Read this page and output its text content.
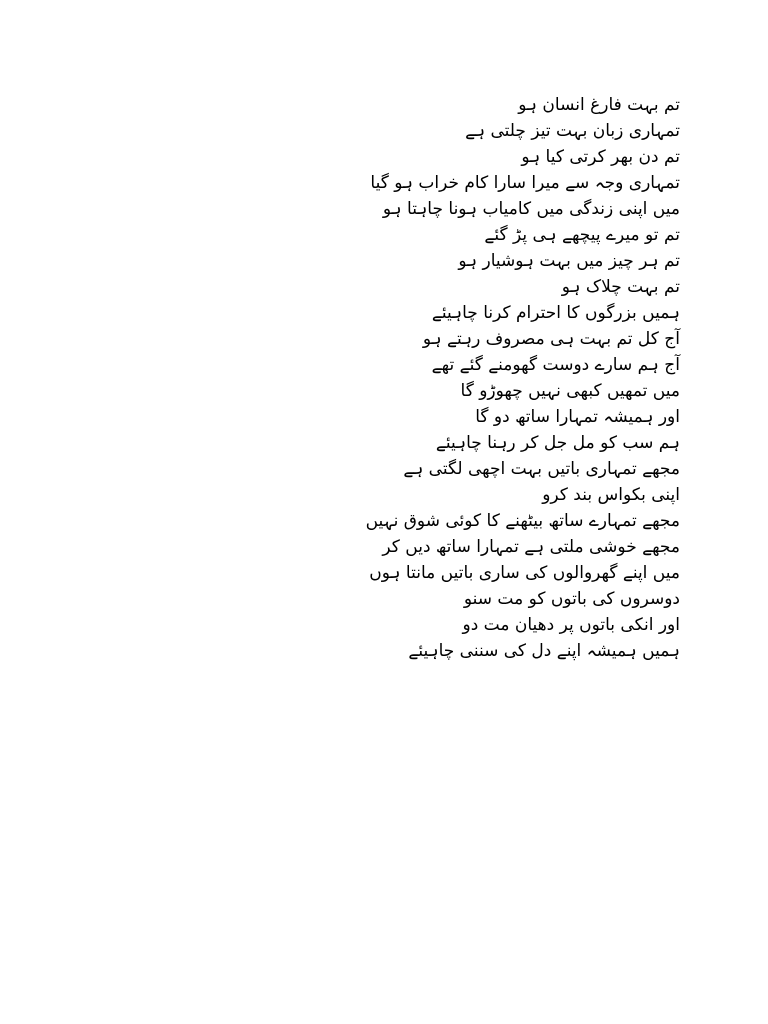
تم بہت فارغ انسان ہو
تمہاری زبان بہت تیز چلتی ہے
تم دن بھر کرتی کیا ہو
تمہاری وجہ سے میرا سارا کام خراب ہو گیا
میں اپنی زندگی میں کامیاب ہونا چاہتا ہو
تم تو میرے پیچھے ہی پڑ گئے
تم ہر چیز میں بہت ہوشیار ہو
تم بہت چلاک ہو
ہمیں بزرگوں کا احترام کرنا چاہیئے
آج کل تم بہت ہی مصروف رہتے ہو
آج ہم سارے دوست گھومنے گئے تھے
میں تمھیں کبھی نہیں چھوڑو گا
اور ہمیشہ تمہارا ساتھ دو گا
ہم سب کو مل جل کر رہنا چاہیئے
مجھے تمہاری باتیں بہت اچھی لگتی ہے
اپنی بکواس بند کرو
مجھے تمہارے ساتھ بیٹھنے کا کوئی شوق نہیں
مجھے خوشی ملتی ہے تمہارا ساتھ دیں کر
میں اپنے گھروالوں کی ساری باتیں مانتا ہوں
دوسروں کی باتوں کو مت سنو
اور انکی باتوں پر دھیان مت دو
ہمیں ہمیشہ اپنے دل کی سننی چاہیئے
